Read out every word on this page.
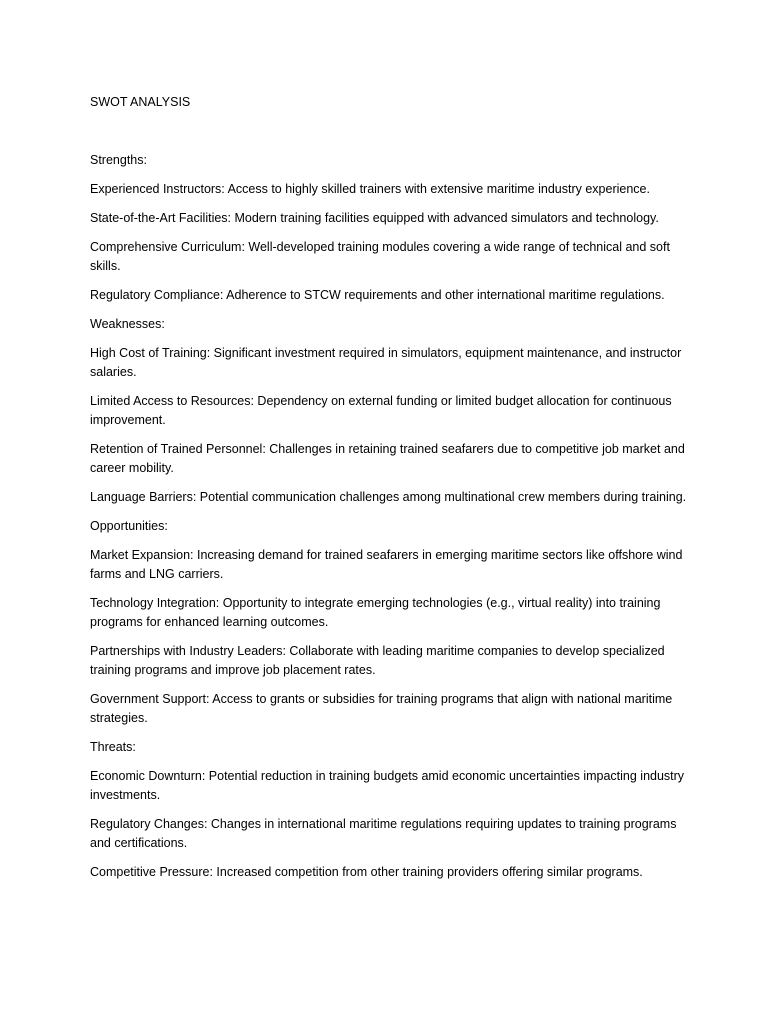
SWOT ANALYSIS

Strengths:

Experienced Instructors: Access to highly skilled trainers with extensive maritime industry experience.

State-of-the-Art Facilities: Modern training facilities equipped with advanced simulators and technology.

Comprehensive Curriculum: Well-developed training modules covering a wide range of technical and soft skills.

Regulatory Compliance: Adherence to STCW requirements and other international maritime regulations.

Weaknesses:

High Cost of Training: Significant investment required in simulators, equipment maintenance, and instructor salaries.

Limited Access to Resources: Dependency on external funding or limited budget allocation for continuous improvement.

Retention of Trained Personnel: Challenges in retaining trained seafarers due to competitive job market and career mobility.

Language Barriers: Potential communication challenges among multinational crew members during training.

Opportunities:

Market Expansion: Increasing demand for trained seafarers in emerging maritime sectors like offshore wind farms and LNG carriers.

Technology Integration: Opportunity to integrate emerging technologies (e.g., virtual reality) into training programs for enhanced learning outcomes.

Partnerships with Industry Leaders: Collaborate with leading maritime companies to develop specialized training programs and improve job placement rates.

Government Support: Access to grants or subsidies for training programs that align with national maritime strategies.

Threats:

Economic Downturn: Potential reduction in training budgets amid economic uncertainties impacting industry investments.

Regulatory Changes: Changes in international maritime regulations requiring updates to training programs and certifications.

Competitive Pressure: Increased competition from other training providers offering similar programs.
